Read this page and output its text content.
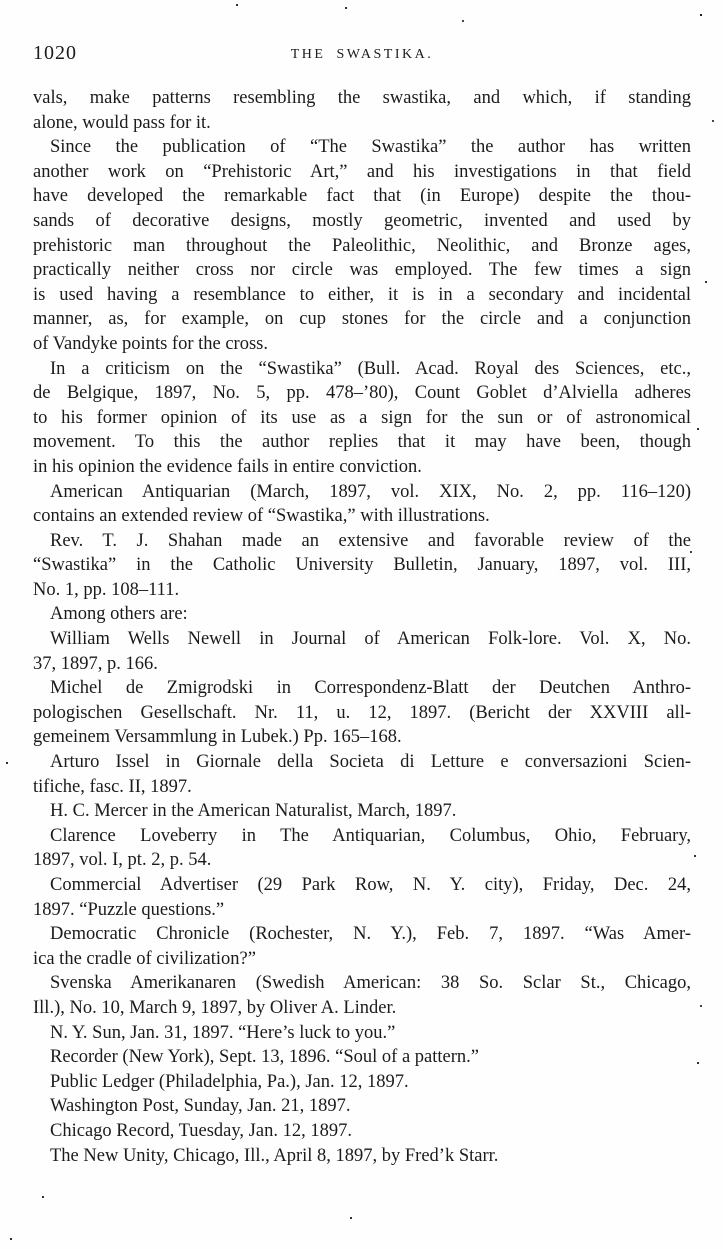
1020	THE SWASTIKA.
vals, make patterns resembling the swastika, and which, if standing
alone, would pass for it.
Since the publication of “The Swastika” the author has written
another work on “Prehistoric Art,” and his investigations in that field
have developed the remarkable fact that (in Europe) despite the thou-
sands of decorative designs, mostly geometric, invented and used by
prehistoric man throughout the Paleolithic, Neolithic, and Bronze ages,
practically neither cross nor circle was employed. The few times a sign
is used having a resemblance to either, it is in a secondary and incidental
manner, as, for example, on cup stones for the circle and a conjunction
of Vandyke points for the cross.
In a criticism on the “Swastika” (Bull. Acad. Royal des Sciences, etc.,
de Belgique, 1897, No. 5, pp. 478–’80), Count Goblet d’Alviella adheres
to his former opinion of its use as a sign for the sun or of astronomical
movement. To this the author replies that it may have been, though
in his opinion the evidence fails in entire conviction.
American Antiquarian (March, 1897, vol. XIX, No. 2, pp. 116–120)
contains an extended review of “Swastika,” with illustrations.
Rev. T. J. Shahan made an extensive and favorable review of the
“Swastika” in the Catholic University Bulletin, January, 1897, vol. III,
No. 1, pp. 108–111.
Among others are:
William Wells Newell in Journal of American Folk-lore. Vol. X, No.
37, 1897, p. 166.
Michel de Zmigrodski in Correspondenz-Blatt der Deutchen Anthro-
pologischen Gesellschaft. Nr. 11, u. 12, 1897. (Bericht der XXVIII all-
gemeinem Versammlung in Lubek.) Pp. 165–168.
Arturo Issel in Giornale della Societa di Letture e conversazioni Scien-
tifiche, fasc. II, 1897.
H. C. Mercer in the American Naturalist, March, 1897.
Clarence Loveberry in The Antiquarian, Columbus, Ohio, February,
1897, vol. I, pt. 2, p. 54.
Commercial Advertiser (29 Park Row, N. Y. city), Friday, Dec. 24,
1897. “Puzzle questions.”
Democratic Chronicle (Rochester, N. Y.), Feb. 7, 1897. “Was Amer-
ica the cradle of civilization?”
Svenska Amerikanaren (Swedish American: 38 So. Sclar St., Chicago,
Ill.), No. 10, March 9, 1897, by Oliver A. Linder.
N. Y. Sun, Jan. 31, 1897. “Here’s luck to you.”
Recorder (New York), Sept. 13, 1896. “Soul of a pattern.”
Public Ledger (Philadelphia, Pa.), Jan. 12, 1897.
Washington Post, Sunday, Jan. 21, 1897.
Chicago Record, Tuesday, Jan. 12, 1897.
The New Unity, Chicago, Ill., April 8, 1897, by Fred’k Starr.
